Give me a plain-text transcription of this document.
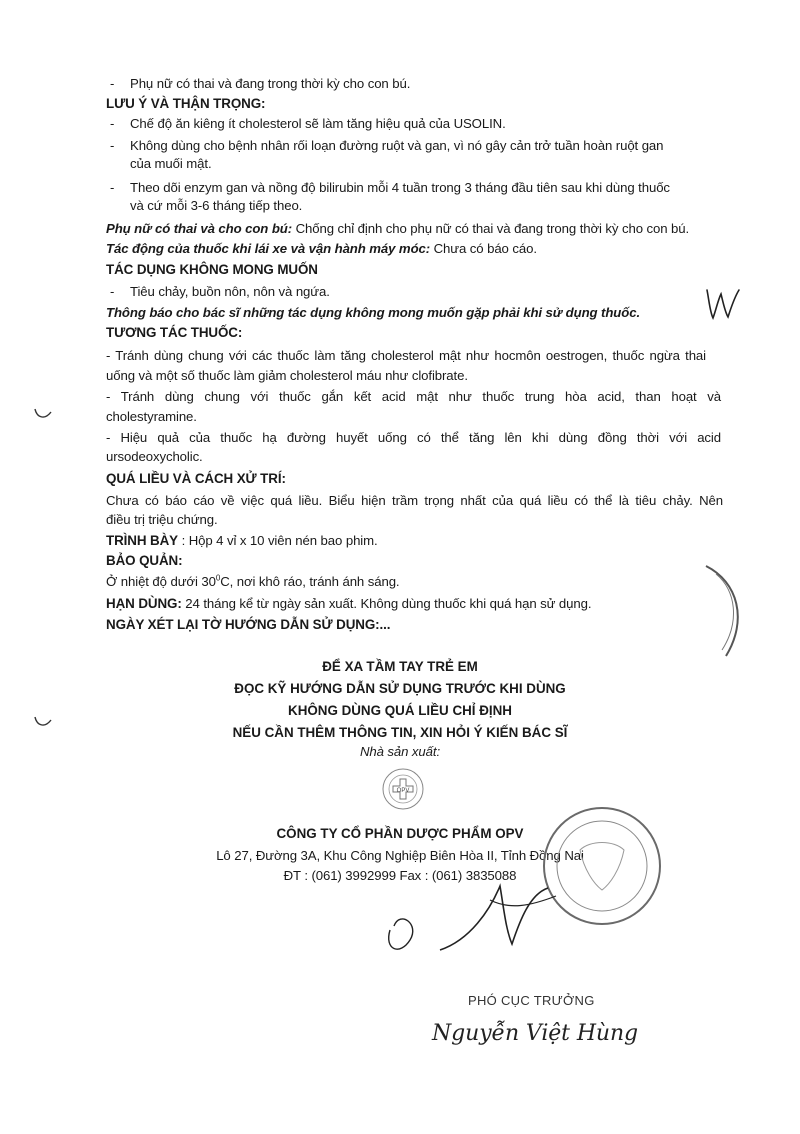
- Phụ nữ có thai và đang trong thời kỳ cho con bú.
LƯU Ý VÀ THẬN TRỌNG:
- Chế độ ăn kiêng ít cholesterol sẽ làm tăng hiệu quả của USOLIN.
- Không dùng cho bệnh nhân rối loạn đường ruột và gan, vì nó gây cản trở tuần hoàn ruột gan
của muối mật.
- Theo dõi enzym gan và nồng độ bilirubin mỗi 4 tuần trong 3 tháng đầu tiên sau khi dùng thuốc
và cứ mỗi 3-6 tháng tiếp theo.
Phụ nữ có thai và cho con bú: Chống chỉ định cho phụ nữ có thai và đang trong thời kỳ cho con bú.
Tác động của thuốc khi lái xe và vận hành máy móc: Chưa có báo cáo.
TÁC DỤNG KHÔNG MONG MUỐN
- Tiêu chảy, buồn nôn, nôn và ngứa.
Thông báo cho bác sĩ những tác dụng không mong muốn gặp phải khi sử dụng thuốc.
TƯƠNG TÁC THUỐC:
- Tránh dùng chung với các thuốc làm tăng cholesterol mật như hocmôn oestrogen, thuốc ngừa thai
uống và một số thuốc làm giảm cholesterol máu như clofibrate.
- Tránh dùng chung với thuốc gắn kết acid mật như thuốc trung hòa acid, than hoạt và
cholestyramine.
- Hiệu quả của thuốc hạ đường huyết uống có thể tăng lên khi dùng đồng thời với acid
ursodeoxycholic.
QUÁ LIỀU VÀ CÁCH XỬ TRÍ:
Chưa có báo cáo về việc quá liều. Biểu hiện trầm trọng nhất của quá liều có thể là tiêu chảy. Nên
điều trị triệu chứng.
TRÌNH BÀY : Hộp 4 vỉ x 10 viên nén bao phim.
BẢO QUẢN:
Ở nhiệt độ dưới $30^0C$, nơi khô ráo, tránh ánh sáng.
HẠN DÙNG: 24 tháng kể từ ngày sản xuất. Không dùng thuốc khi quá hạn sử dụng.
NGÀY XÉT LẠI TỜ HƯỚNG DẪN SỬ DỤNG:...
ĐỂ XA TẦM TAY TRẺ EM
ĐỌC KỸ HƯỚNG DẪN SỬ DỤNG TRƯỚC KHI DÙNG
KHÔNG DÙNG QUÁ LIỀU CHỈ ĐỊNH
NẾU CẦN THÊM THÔNG TIN, XIN HỎI Ý KIẾN BÁC SĨ
Nhà sản xuất:
OPV
CÔNG TY CỔ PHẦN DƯỢC PHẨM OPV
Lô 27, Đường 3A, Khu Công Nghiệp Biên Hòa II, Tỉnh Đồng Nai
ĐT : (061) 3992999 Fax : (061) 3835088
PHÓ CỤC TRƯỞNG
Nguyễn Việt Hùng
